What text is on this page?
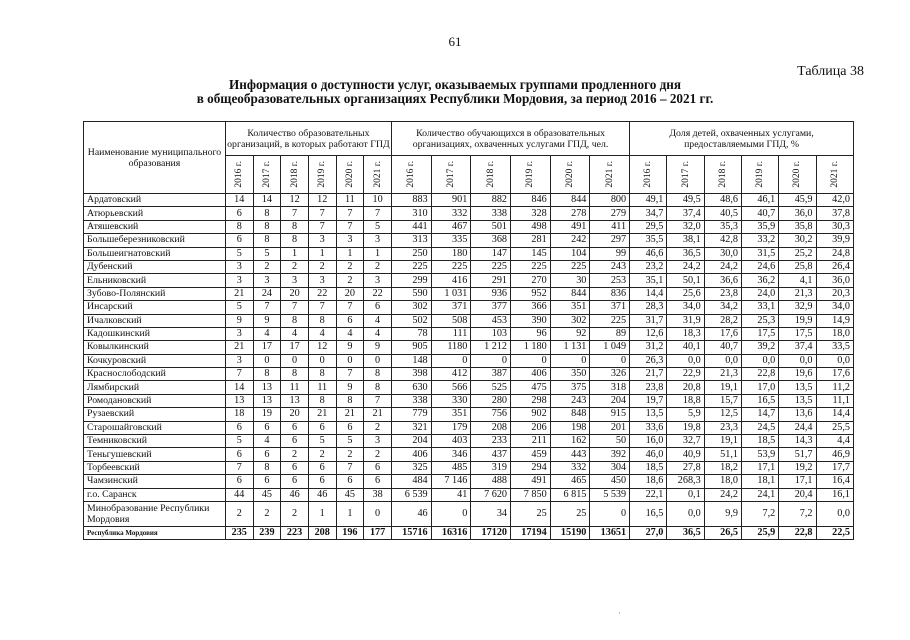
61
Таблица 38
Информация о доступности услуг, оказываемых группами продленного дня
в общеобразовательных организациях Республики Мордовия, за период 2016 – 2021 гг.
Наименование муниципального образования	Количество образовательных организаций, в которых работают ГПД						Количество обучающихся в образовательных организациях, охваченных услугами ГПД, чел.						Доля детей, охваченных услугами, предоставляемыми ГПД, %					

	2016 г.	2017 г.	2018 г.	2019 г.	2020 г.	2021 г.	2016 г.	2017 г.	2018 г.	2019 г.	2020 г.	2021 г.	2016 г.	2017 г.	2018 г.	2019 г.	2020 г.	2021 г.

Ардатовский	14	14	12	12	11	10	883	901	882	846	844	800	49,1	49,5	48,6	46,1	45,9	42,0
Атюрьевский	6	8	7	7	7	7	310	332	338	328	278	279	34,7	37,4	40,5	40,7	36,0	37,8
Атяшевский	8	8	8	7	7	5	441	467	501	498	491	411	29,5	32,0	35,3	35,9	35,8	30,3
Большеберезниковский	6	8	8	3	3	3	313	335	368	281	242	297	35,5	38,1	42,8	33,2	30,2	39,9
Большеигнатовский	5	5	1	1	1	1	250	180	147	145	104	99	46,6	36,5	30,0	31,5	25,2	24,8
Дубенский	3	2	2	2	2	2	225	225	225	225	225	243	23,2	24,2	24,2	24,6	25,8	26,4
Ельниковский	3	3	3	3	2	3	299	416	291	270	30	253	35,1	50,1	36,6	36,2	4,1	36,0
Зубово-Полянский	21	24	20	22	20	22	590	1 031	936	952	844	836	14,4	25,6	23,8	24,0	21,3	20,3
Инсарский	5	7	7	7	7	6	302	371	377	366	351	371	28,3	34,0	34,2	33,1	32,9	34,0
Ичалковский	9	9	8	8	6	4	502	508	453	390	302	225	31,7	31,9	28,2	25,3	19,9	14,9
Кадошкинский	3	4	4	4	4	4	78	111	103	96	92	89	12,6	18,3	17,6	17,5	17,5	18,0
Ковылкинский	21	17	17	12	9	9	905	1180	1 212	1 180	1 131	1 049	31,2	40,1	40,7	39,2	37,4	33,5
Кочкуровский	3	0	0	0	0	0	148	0	0	0	0	0	26,3	0,0	0,0	0,0	0,0	0,0
Краснослободский	7	8	8	8	7	8	398	412	387	406	350	326	21,7	22,9	21,3	22,8	19,6	17,6
Лямбирский	14	13	11	11	9	8	630	566	525	475	375	318	23,8	20,8	19,1	17,0	13,5	11,2
Ромодановский	13	13	13	8	8	7	338	330	280	298	243	204	19,7	18,8	15,7	16,5	13,5	11,1
Рузаевский	18	19	20	21	21	21	779	351	756	902	848	915	13,5	5,9	12,5	14,7	13,6	14,4
Старошайговский	6	6	6	6	6	2	321	179	208	206	198	201	33,6	19,8	23,3	24,5	24,4	25,5
Темниковский	5	4	6	5	5	3	204	403	233	211	162	50	16,0	32,7	19,1	18,5	14,3	4,4
Теньгушевский	6	6	2	2	2	2	406	346	437	459	443	392	46,0	40,9	51,1	53,9	51,7	46,9
Торбеевский	7	8	6	6	7	6	325	485	319	294	332	304	18,5	27,8	18,2	17,1	19,2	17,7
Чамзинский	6	6	6	6	6	6	484	7 146	488	491	465	450	18,6	268,3	18,0	18,1	17,1	16,4
г.о. Саранск	44	45	46	46	45	38	6 539	41	7 620	7 850	6 815	5 539	22,1	0,1	24,2	24,1	20,4	16,1
Минобразование Республики Мордовия	2	2	2	1	1	0	46	0	34	25	25	0	16,5	0,0	9,9	7,2	7,2	0,0
Республика Мордовия	235	239	223	208	196	177	15716	16316	17120	17194	15190	13651	27,0	36,5	26,5	25,9	22,8	22,5
·
